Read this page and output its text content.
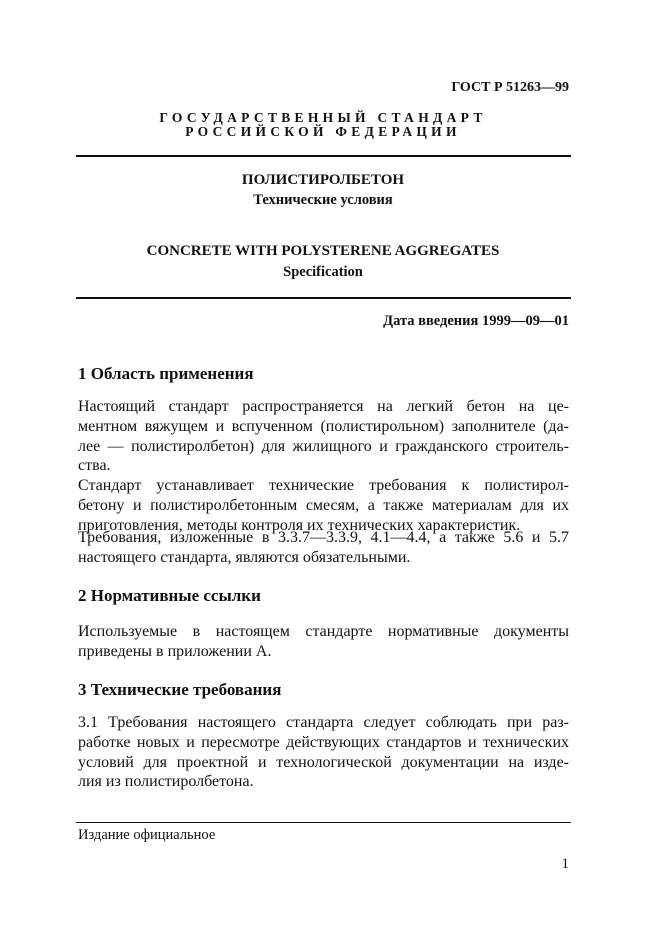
ГОСТ Р 51263—99
ГОСУДАРСТВЕННЫЙ СТАНДАРТ
РОССИЙСКОЙ ФЕДЕРАЦИИ
ПОЛИСТИРОЛБЕТОН
Технические условия
CONCRETE WITH POLYSTERENE AGGREGATES
Specification
Дата введения 1999—09—01
1 Область применения
Настоящий стандарт распространяется на легкий бетон на це-
ментном вяжущем и вспученном (полистирольном) заполнителе (да-
лее — полистиролбетон) для жилищного и гражданского строитель-
ства.
Стандарт устанавливает технические требования к полистирол-
бетону и полистиролбетонным смесям, а также материалам для их
приготовления, методы контроля их технических характеристик.
Требования, изложенные в 3.3.7—3.3.9, 4.1—4.4, а также 5.6 и 5.7
настоящего стандарта, являются обязательными.
2 Нормативные ссылки
Используемые в настоящем стандарте нормативные документы
приведены в приложении А.
3 Технические требования
3.1 Требования настоящего стандарта следует соблюдать при раз-
работке новых и пересмотре действующих стандартов и технических
условий для проектной и технологической документации на изде-
лия из полистиролбетона.
Издание официальное
1
